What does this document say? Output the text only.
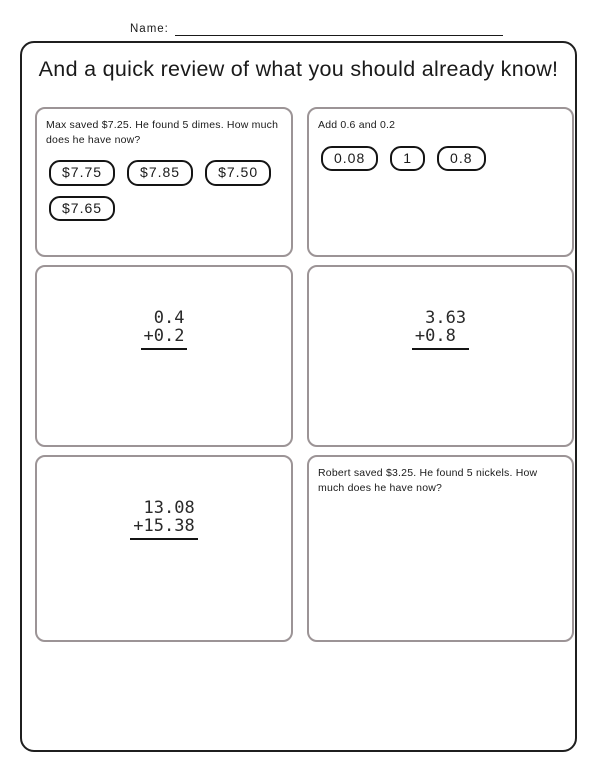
Name:
And a quick review of what you should already know!
Max saved $7.25. He found 5 dimes. How much does he have now?
$7.75	$7.85	$7.50
$7.65
Add 0.6 and 0.2
0.08	1	0.8
0.4
+0.2
3.63
+0.8
13.08
+15.38
Robert saved $3.25. He found 5 nickels. How much does he have now?
